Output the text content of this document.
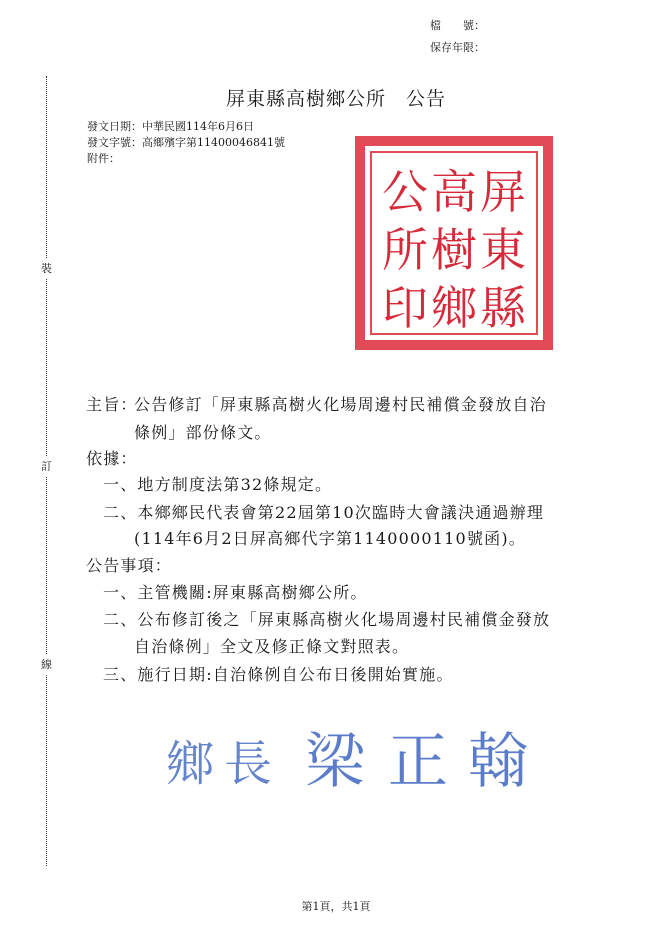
檔　　號：
保存年限：
屏東縣高樹鄉公所　公告
發文日期：中華民國114年6月6日
發文字號：高鄉殯字第11400046841號
附件：
裝
訂
線
屏
東
縣
高
樹
鄉
公
所
印
主旨：
公告修訂「屏東縣高樹火化場周邊村民補償金發放自治
條例」部份條文。
依據：
一、地方制度法第32條規定。
二、本鄉鄉民代表會第22屆第10次臨時大會議決通過辦理
(114年6月2日屏高鄉代字第1140000110號函)。
公告事項：
一、主管機關:屏東縣高樹鄉公所。
二、公布修訂後之「屏東縣高樹火化場周邊村民補償金發放
自治條例」全文及修正條文對照表。
三、施行日期:自治條例自公布日後開始實施。
鄉 長 梁 正 翰
第1頁，共1頁
